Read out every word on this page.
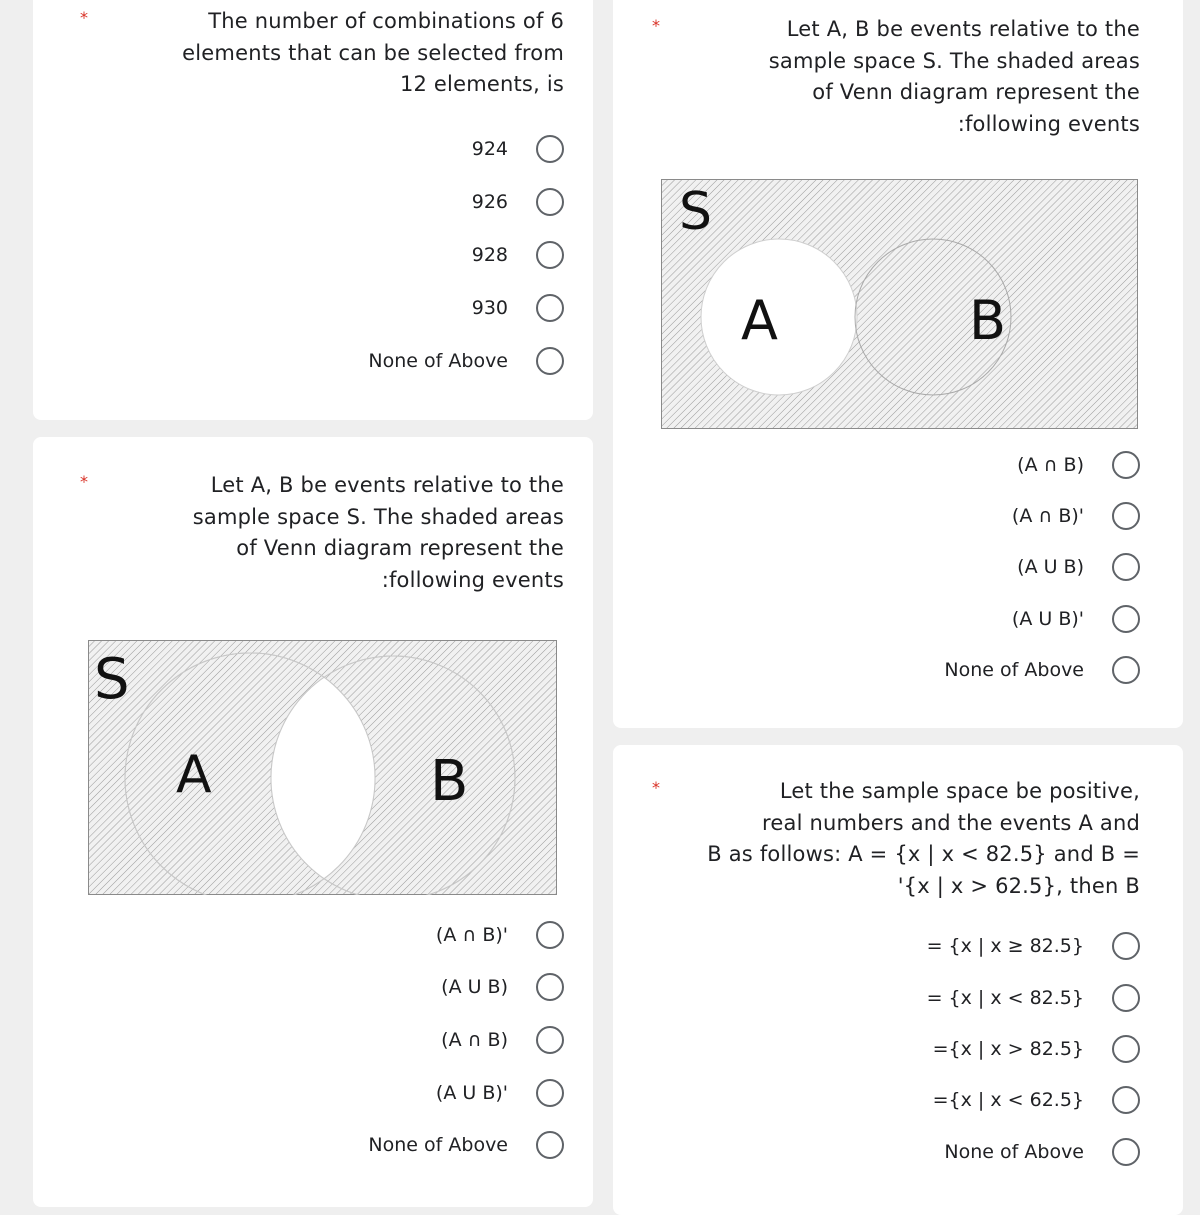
*	The number of combinations of 6
elements that can be selected from
12 elements, is
924
926
928
930
None of Above
*	Let A, B be events relative to the
sample space S. The shaded areas
of Venn diagram represent the
:following events
S
A	B
(A ∩ B)
(A ∩ B)'
(A U B)
(A U B)'
None of Above
*	Let A, B be events relative to the
sample space S. The shaded areas
of Venn diagram represent the
:following events
S
A	B
(A ∩ B)'
(A U B)
(A ∩ B)
(A U B)'
None of Above
*	Let the sample space be positive,
real numbers and the events A and
B as follows: A = {x | x < 82.5} and B =
'{x | x > 62.5}, then B
= {x | x ≥ 82.5}
= {x | x < 82.5}
={x | x > 82.5}
={x | x < 62.5}
None of Above
